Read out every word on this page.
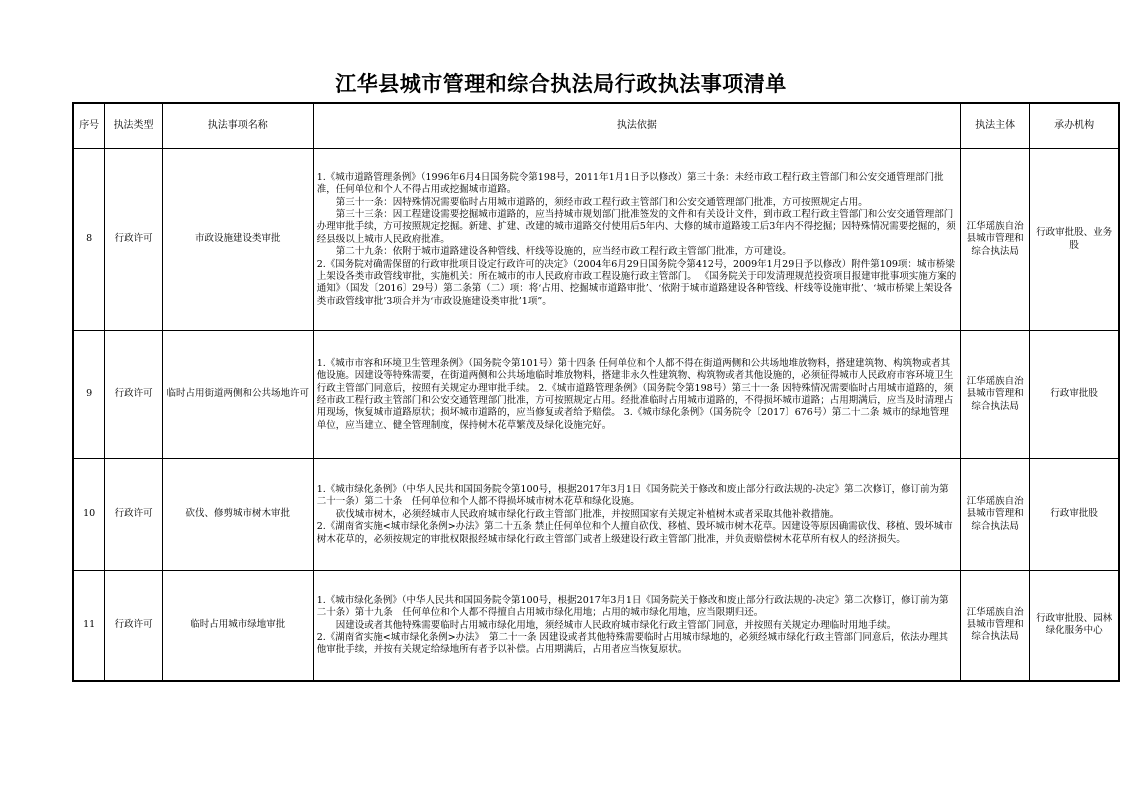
江华县城市管理和综合执法局行政执法事项清单
序号	执法类型	执法事项名称	执法依据	执法主体	承办机构
8	行政许可	市政设施建设类审批	1.《城市道路管理条例》（1996年6月4日国务院令第198号，2011年1月1日予以修改）第三十条：未经市政工程行政主管部门和公安交通管理部门批准，任何单位和个人不得占用或挖掘城市道路。
第三十一条：因特殊情况需要临时占用城市道路的，须经市政工程行政主管部门和公安交通管理部门批准，方可按照规定占用。
第三十三条：因工程建设需要挖掘城市道路的，应当持城市规划部门批准签发的文件和有关设计文件，到市政工程行政主管部门和公安交通管理部门办理审批手续，方可按照规定挖掘。新建、扩建、改建的城市道路交付使用后5年内、大修的城市道路竣工后3年内不得挖掘；因特殊情况需要挖掘的，须经县级以上城市人民政府批准。
第二十九条：依附于城市道路建设各种管线、杆线等设施的，应当经市政工程行政主管部门批准，方可建设。
2.《国务院对确需保留的行政审批项目设定行政许可的决定》（2004年6月29日国务院令第412号，2009年1月29日予以修改）附件第109项：城市桥梁上架设各类市政管线审批，实施机关：所在城市的市人民政府市政工程设施行政主管部门。 《国务院关于印发清理规范投资项目报建审批事项实施方案的通知》（国发〔2016〕29号）第二条第（二）项：将‘占用、挖掘城市道路审批’、‘依附于城市道路建设各种管线、杆线等设施审批’、‘城市桥梁上架设各类市政管线审批’3项合并为‘市政设施建设类审批’1项”。	江华瑶族自治县城市管理和综合执法局	行政审批股、业务股
9	行政许可	临时占用街道两侧和公共场地许可	1.《城市市容和环境卫生管理条例》（国务院令第101号）第十四条 任何单位和个人都不得在街道两侧和公共场地堆放物料，搭建建筑物、构筑物或者其他设施。因建设等特殊需要，在街道两侧和公共场地临时堆放物料，搭建非永久性建筑物、构筑物或者其他设施的，必须征得城市人民政府市容环境卫生行政主管部门同意后，按照有关规定办理审批手续。 2.《城市道路管理条例》（国务院令第198号）第三十一条 因特殊情况需要临时占用城市道路的，须经市政工程行政主管部门和公安交通管理部门批准，方可按照规定占用。经批准临时占用城市道路的，不得损坏城市道路；占用期满后，应当及时清理占用现场，恢复城市道路原状；损坏城市道路的，应当修复或者给予赔偿。 3.《城市绿化条例》（国务院令〔2017〕676号）第二十二条 城市的绿地管理单位，应当建立、健全管理制度，保持树木花草繁茂及绿化设施完好。	江华瑶族自治县城市管理和综合执法局	行政审批股
10	行政许可	砍伐、修剪城市树木审批	1.《城市绿化条例》（中华人民共和国国务院令第100号，根据2017年3月1日《国务院关于修改和废止部分行政法规的-决定》第二次修订，修订前为第二十一条）第二十条　任何单位和个人都不得损坏城市树木花草和绿化设施。
砍伐城市树木，必须经城市人民政府城市绿化行政主管部门批准，并按照国家有关规定补植树木或者采取其他补救措施。
2.《湖南省实施<城市绿化条例>办法》第二十五条 禁止任何单位和个人擅自砍伐、移植、毁坏城市树木花草。因建设等原因确需砍伐、移植、毁坏城市树木花草的，必须按规定的审批权限报经城市绿化行政主管部门或者上级建设行政主管部门批准，并负责赔偿树木花草所有权人的经济损失。	江华瑶族自治县城市管理和综合执法局	行政审批股
11	行政许可	临时占用城市绿地审批	1.《城市绿化条例》（中华人民共和国国务院令第100号，根据2017年3月1日《国务院关于修改和废止部分行政法规的-决定》第二次修订，修订前为第二十条）第十九条　任何单位和个人都不得擅自占用城市绿化用地；占用的城市绿化用地，应当限期归还。
因建设或者其他特殊需要临时占用城市绿化用地，须经城市人民政府城市绿化行政主管部门同意，并按照有关规定办理临时用地手续。
2.《湖南省实施<城市绿化条例>办法》　第二十一条 因建设或者其他特殊需要临时占用城市绿地的，必须经城市绿化行政主管部门同意后，依法办理其他审批手续，并按有关规定给绿地所有者予以补偿。占用期满后，占用者应当恢复原状。	江华瑶族自治县城市管理和综合执法局	行政审批股、园林绿化服务中心
